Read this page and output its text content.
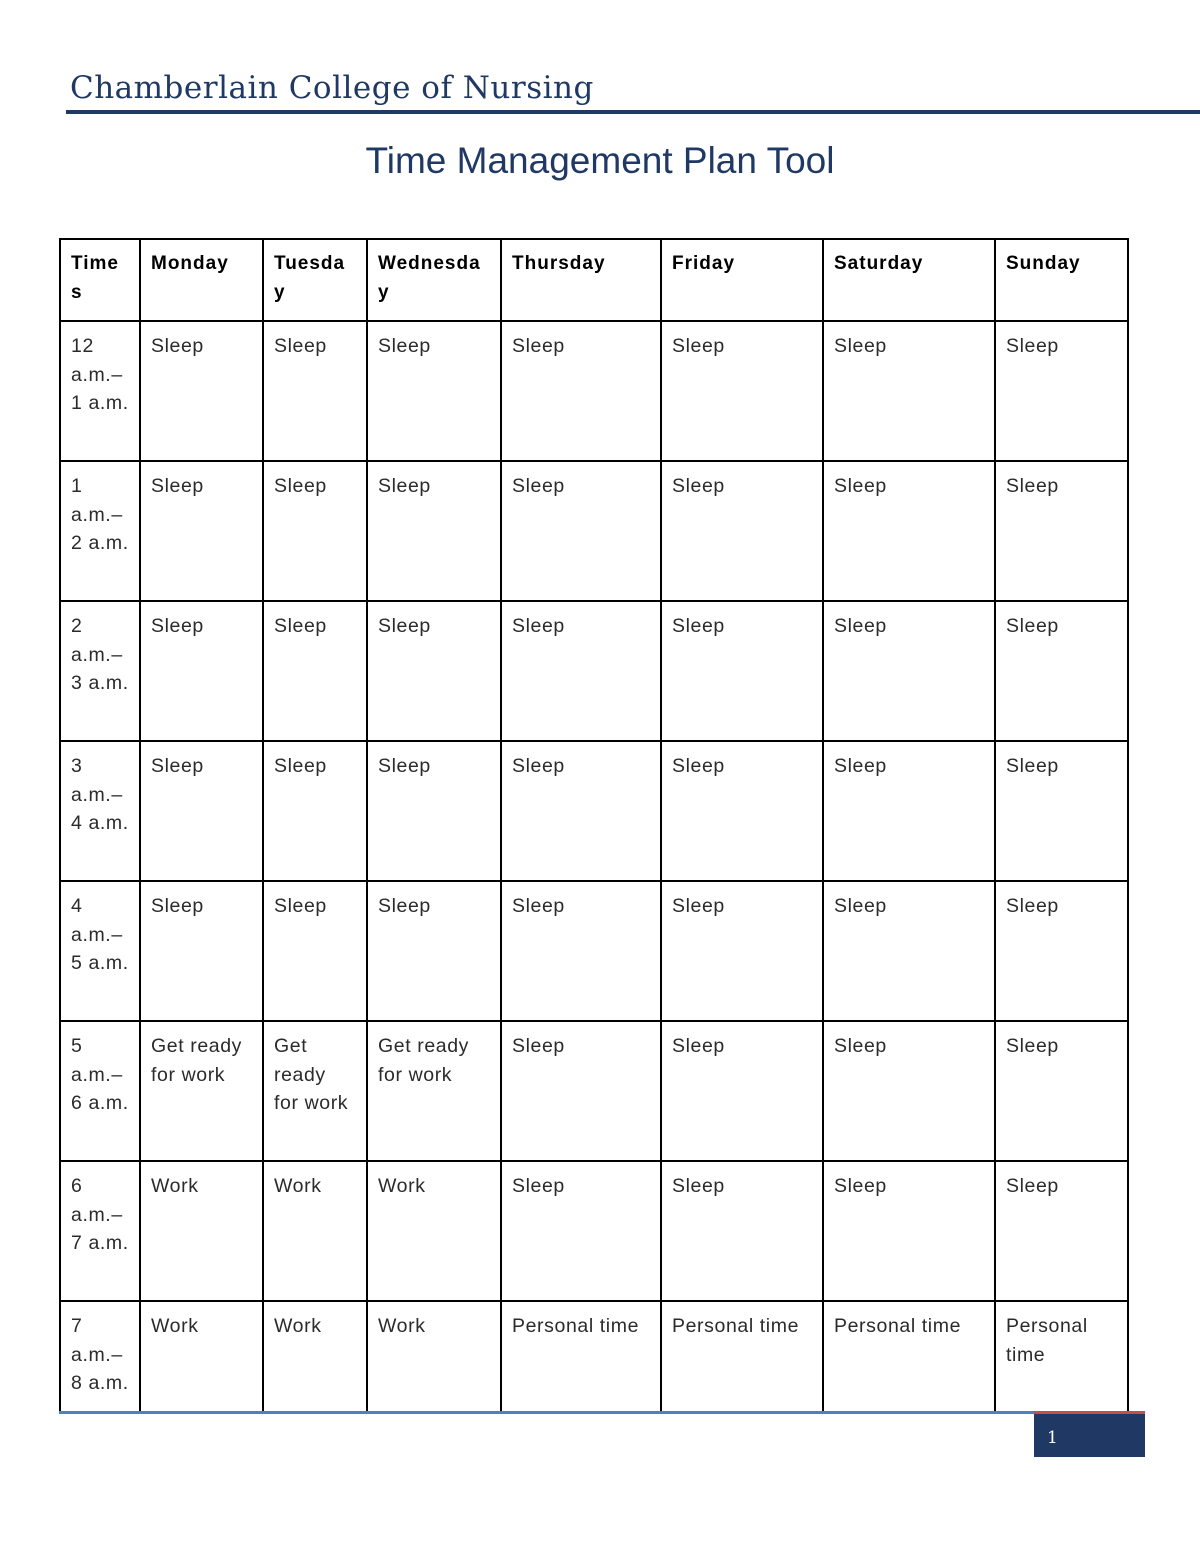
Chamberlain College of Nursing
Time Management Plan Tool
Time s	Monday	Tuesda y	Wednesda y	Thursday	Friday	Saturday	Sunday
12 a.m.– 1 a.m.	Sleep	Sleep	Sleep	Sleep	Sleep	Sleep	Sleep
1 a.m.– 2 a.m.	Sleep	Sleep	Sleep	Sleep	Sleep	Sleep	Sleep
2 a.m.– 3 a.m.	Sleep	Sleep	Sleep	Sleep	Sleep	Sleep	Sleep
3 a.m.– 4 a.m.	Sleep	Sleep	Sleep	Sleep	Sleep	Sleep	Sleep
4 a.m.– 5 a.m.	Sleep	Sleep	Sleep	Sleep	Sleep	Sleep	Sleep
5 a.m.– 6 a.m.	Get ready for work	Get ready for work	Get ready for work	Sleep	Sleep	Sleep	Sleep
6 a.m.– 7 a.m.	Work	Work	Work	Sleep	Sleep	Sleep	Sleep
7 a.m.– 8 a.m.	Work	Work	Work	Personal time	Personal time	Personal time	Personal time
1
